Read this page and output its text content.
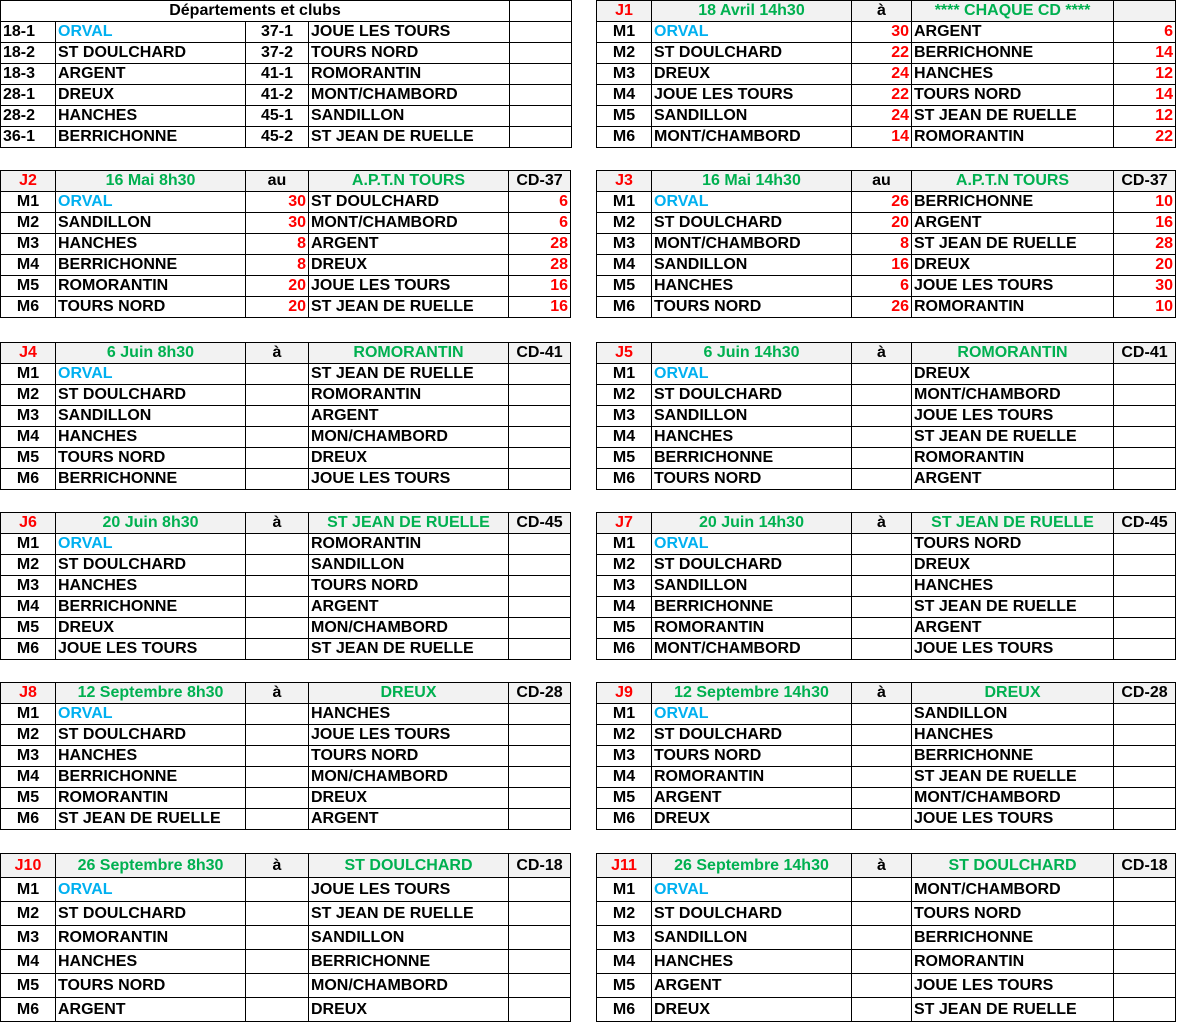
Départements et clubs				
18-1	ORVAL	37-1	JOUE LES TOURS	
18-2	ST DOULCHARD	37-2	TOURS NORD	
18-3	ARGENT	41-1	ROMORANTIN	
28-1	DREUX	41-2	MONT/CHAMBORD	
28-2	HANCHES	45-1	SANDILLON	
36-1	BERRICHONNE	45-2	ST JEAN DE RUELLE	
J1	18 Avril 14h30	à	**** CHAQUE CD ****	
M1	ORVAL	30	ARGENT	6
M2	ST DOULCHARD	22	BERRICHONNE	14
M3	DREUX	24	HANCHES	12
M4	JOUE LES TOURS	22	TOURS NORD	14
M5	SANDILLON	24	ST JEAN DE RUELLE	12
M6	MONT/CHAMBORD	14	ROMORANTIN	22
J2	16 Mai 8h30	au	A.P.T.N TOURS	CD-37
M1	ORVAL	30	ST DOULCHARD	6
M2	SANDILLON	30	MONT/CHAMBORD	6
M3	HANCHES	8	ARGENT	28
M4	BERRICHONNE	8	DREUX	28
M5	ROMORANTIN	20	JOUE LES TOURS	16
M6	TOURS NORD	20	ST JEAN DE RUELLE	16
J3	16 Mai 14h30	au	A.P.T.N TOURS	CD-37
M1	ORVAL	26	BERRICHONNE	10
M2	ST DOULCHARD	20	ARGENT	16
M3	MONT/CHAMBORD	8	ST JEAN DE RUELLE	28
M4	SANDILLON	16	DREUX	20
M5	HANCHES	6	JOUE LES TOURS	30
M6	TOURS NORD	26	ROMORANTIN	10
J4	6 Juin 8h30	à	ROMORANTIN	CD-41
M1	ORVAL		ST JEAN DE RUELLE	
M2	ST DOULCHARD		ROMORANTIN	
M3	SANDILLON		ARGENT	
M4	HANCHES		MON/CHAMBORD	
M5	TOURS NORD		DREUX	
M6	BERRICHONNE		JOUE LES TOURS	
J5	6 Juin 14h30	à	ROMORANTIN	CD-41
M1	ORVAL		DREUX	
M2	ST DOULCHARD		MONT/CHAMBORD	
M3	SANDILLON		JOUE LES TOURS	
M4	HANCHES		ST JEAN DE RUELLE	
M5	BERRICHONNE		ROMORANTIN	
M6	TOURS NORD		ARGENT	
J6	20 Juin 8h30	à	ST JEAN DE RUELLE	CD-45
M1	ORVAL		ROMORANTIN	
M2	ST DOULCHARD		SANDILLON	
M3	HANCHES		TOURS NORD	
M4	BERRICHONNE		ARGENT	
M5	DREUX		MON/CHAMBORD	
M6	JOUE LES TOURS		ST JEAN DE RUELLE	
J7	20 Juin 14h30	à	ST JEAN DE RUELLE	CD-45
M1	ORVAL		TOURS NORD	
M2	ST DOULCHARD		DREUX	
M3	SANDILLON		HANCHES	
M4	BERRICHONNE		ST JEAN DE RUELLE	
M5	ROMORANTIN		ARGENT	
M6	MONT/CHAMBORD		JOUE LES TOURS	
J8	12 Septembre 8h30	à	DREUX	CD-28
M1	ORVAL		HANCHES	
M2	ST DOULCHARD		JOUE LES TOURS	
M3	HANCHES		TOURS NORD	
M4	BERRICHONNE		MON/CHAMBORD	
M5	ROMORANTIN		DREUX	
M6	ST JEAN DE RUELLE		ARGENT	
J9	12 Septembre 14h30	à	DREUX	CD-28
M1	ORVAL		SANDILLON	
M2	ST DOULCHARD		HANCHES	
M3	TOURS NORD		BERRICHONNE	
M4	ROMORANTIN		ST JEAN DE RUELLE	
M5	ARGENT		MONT/CHAMBORD	
M6	DREUX		JOUE LES TOURS	
J10	26 Septembre 8h30	à	ST DOULCHARD	CD-18
M1	ORVAL		JOUE LES TOURS	
M2	ST DOULCHARD		ST JEAN DE RUELLE	
M3	ROMORANTIN		SANDILLON	
M4	HANCHES		BERRICHONNE	
M5	TOURS NORD		MON/CHAMBORD	
M6	ARGENT		DREUX	
J11	26 Septembre 14h30	à	ST DOULCHARD	CD-18
M1	ORVAL		MONT/CHAMBORD	
M2	ST DOULCHARD		TOURS NORD	
M3	SANDILLON		BERRICHONNE	
M4	HANCHES		ROMORANTIN	
M5	ARGENT		JOUE LES TOURS	
M6	DREUX		ST JEAN DE RUELLE	
